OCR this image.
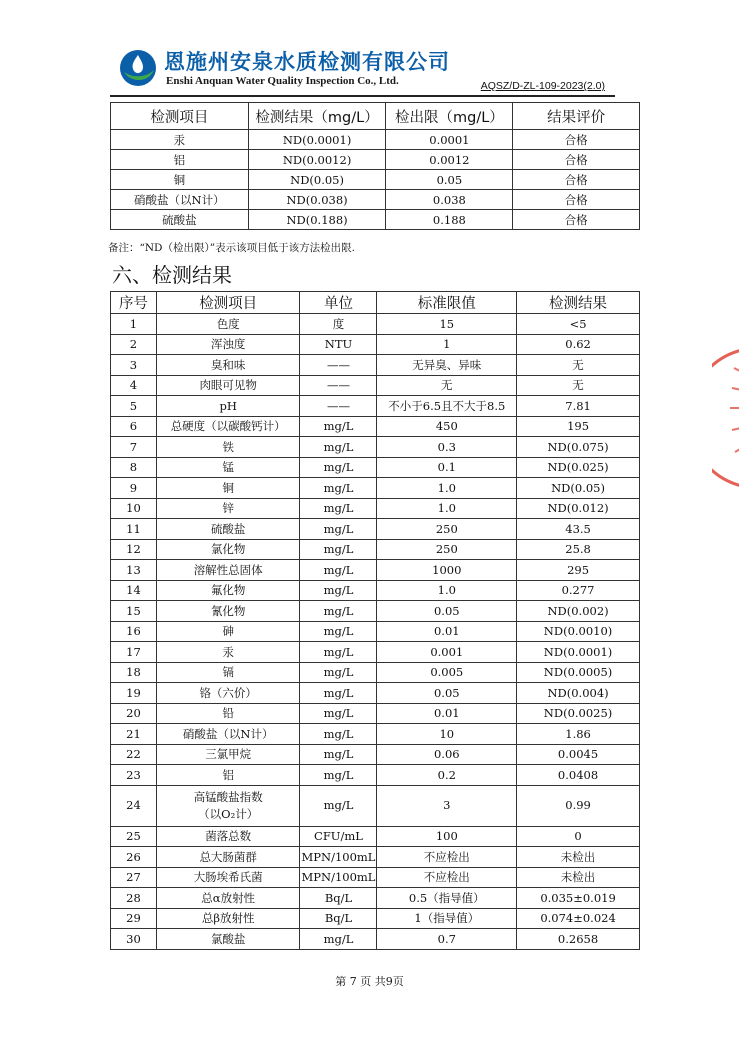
恩施州安泉水质检测有限公司
Enshi Anquan Water Quality Inspection Co., Ltd.	AQSZ/D-ZL-109-2023(2.0)
检测项目	检测结果（mg/L）	检出限（mg/L）	结果评价
汞	ND(0.0001)	0.0001	合格
铝	ND(0.0012)	0.0012	合格
铜	ND(0.05)	0.05	合格
硝酸盐（以N计）	ND(0.038)	0.038	合格
硫酸盐	ND(0.188)	0.188	合格
备注：“ND（检出限）”表示该项目低于该方法检出限.
六、检测结果
序号	检测项目	单位	标准限值	检测结果
1	色度	度	15	<5
2	浑浊度	NTU	1	0.62
3	臭和味	——	无异臭、异味	无
4	肉眼可见物	——	无	无
5	pH	——	不小于6.5且不大于8.5	7.81
6	总硬度（以碳酸钙计）	mg/L	450	195
7	铁	mg/L	0.3	ND(0.075)
8	锰	mg/L	0.1	ND(0.025)
9	铜	mg/L	1.0	ND(0.05)
10	锌	mg/L	1.0	ND(0.012)
11	硫酸盐	mg/L	250	43.5
12	氯化物	mg/L	250	25.8
13	溶解性总固体	mg/L	1000	295
14	氟化物	mg/L	1.0	0.277
15	氰化物	mg/L	0.05	ND(0.002)
16	砷	mg/L	0.01	ND(0.0010)
17	汞	mg/L	0.001	ND(0.0001)
18	镉	mg/L	0.005	ND(0.0005)
19	铬（六价）	mg/L	0.05	ND(0.004)
20	铅	mg/L	0.01	ND(0.0025)
21	硝酸盐（以N计）	mg/L	10	1.86
22	三氯甲烷	mg/L	0.06	0.0045
23	铝	mg/L	0.2	0.0408
24	高锰酸盐指数
（以O₂计）	mg/L	3	0.99
25	菌落总数	CFU/mL	100	0
26	总大肠菌群	MPN/100mL	不应检出	未检出
27	大肠埃希氏菌	MPN/100mL	不应检出	未检出
28	总α放射性	Bq/L	0.5（指导值）	0.035±0.019
29	总β放射性	Bq/L	1（指导值）	0.074±0.024
30	氯酸盐	mg/L	0.7	0.2658
第 7 页 共9页
